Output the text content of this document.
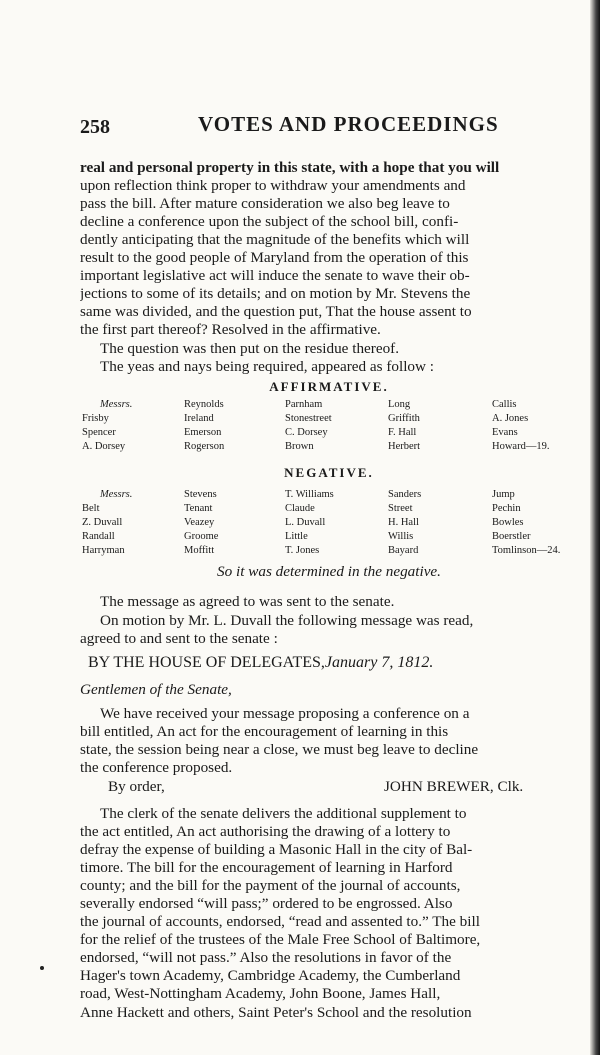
258	VOTES AND PROCEEDINGS
real and personal property in this state, with a hope that you will
upon reflection think proper to withdraw your amendments and
pass the bill. After mature consideration we also beg leave to
decline a conference upon the subject of the school bill, confi-
dently anticipating that the magnitude of the benefits which will
result to the good people of Maryland from the operation of this
important legislative act will induce the senate to wave their ob-
jections to some of its details; and on motion by Mr. Stevens the
same was divided, and the question put, That the house assent to
the first part thereof? Resolved in the affirmative.
The question was then put on the residue thereof.
The yeas and nays being required, appeared as follow :
AFFIRMATIVE.
Messrs.
Frisby
Spencer
A. Dorsey
Reynolds
Ireland
Emerson
Rogerson
Parnham
Stonestreet
C. Dorsey
Brown
Long
Griffith
F. Hall
Herbert
Callis
A. Jones
Evans
Howard—19.
NEGATIVE.
Messrs.
Belt
Z. Duvall
Randall
Harryman
Stevens
Tenant
Veazey
Groome
Moffitt
T. Williams
Claude
L. Duvall
Little
T. Jones
Sanders
Street
H. Hall
Willis
Bayard
Jump
Pechin
Bowles
Boerstler
Tomlinson—24.
So it was determined in the negative.
The message as agreed to was sent to the senate.
On motion by Mr. L. Duvall the following message was read,
agreed to and sent to the senate :
BY THE HOUSE OF DELEGATES,January 7, 1812.
Gentlemen of the Senate,
We have received your message proposing a conference on a
bill entitled, An act for the encouragement of learning in this
state, the session being near a close, we must beg leave to decline
the conference proposed.
By order,	JOHN BREWER, Clk.
The clerk of the senate delivers the additional supplement to
the act entitled, An act authorising the drawing of a lottery to
defray the expense of building a Masonic Hall in the city of Bal-
timore. The bill for the encouragement of learning in Harford
county; and the bill for the payment of the journal of accounts,
severally endorsed “will pass;” ordered to be engrossed. Also
the journal of accounts, endorsed, “read and assented to.” The bill
for the relief of the trustees of the Male Free School of Baltimore,
endorsed, “will not pass.” Also the resolutions in favor of the
Hager's town Academy, Cambridge Academy, the Cumberland
road, West-Nottingham Academy, John Boone, James Hall,
Anne Hackett and others, Saint Peter's School and the resolution
